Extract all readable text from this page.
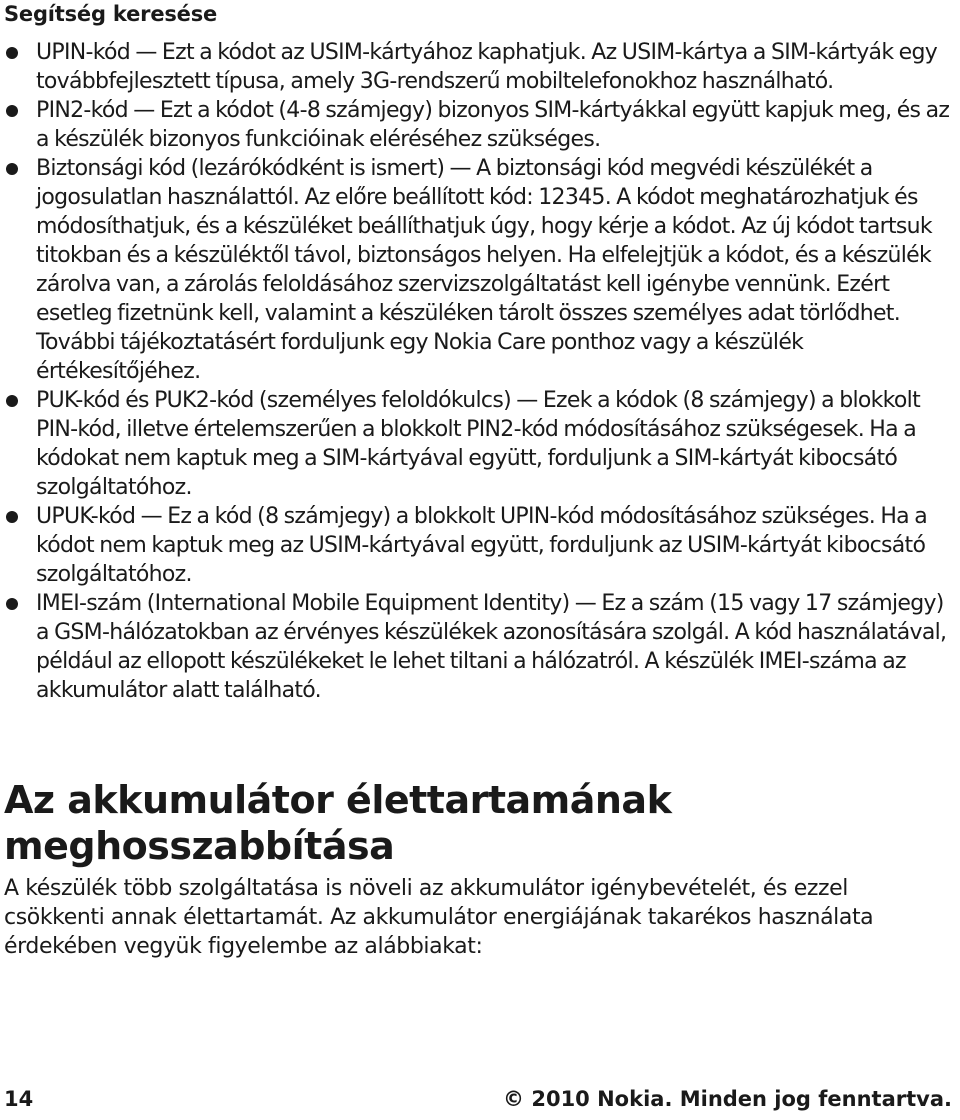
Segítség keresése
UPIN-kód — Ezt a kódot az USIM-kártyához kaphatjuk. Az USIM-kártya a SIM-kártyák egy továbbfejlesztett típusa, amely 3G-rendszerű mobiltelefonokhoz használható.
PIN2-kód — Ezt a kódot (4-8 számjegy) bizonyos SIM-kártyákkal együtt kapjuk meg, és az a készülék bizonyos funkcióinak eléréséhez szükséges.
Biztonsági kód (lezárókódként is ismert) — A biztonsági kód megvédi készülékét a jogosulatlan használattól. Az előre beállított kód: 12345. A kódot meghatározhatjuk és módosíthatjuk, és a készüléket beállíthatjuk úgy, hogy kérje a kódot. Az új kódot tartsuk titokban és a készüléktől távol, biztonságos helyen. Ha elfelejtjük a kódot, és a készülék zárolva van, a zárolás feloldásához szervizszolgáltatást kell igénybe vennünk. Ezért esetleg fizetnünk kell, valamint a készüléken tárolt összes személyes adat törlődhet. További tájékoztatásért forduljunk egy Nokia Care ponthoz vagy a készülék értékesítőjéhez.
PUK-kód és PUK2-kód (személyes feloldókulcs) — Ezek a kódok (8 számjegy) a blokkolt PIN-kód, illetve értelemszerűen a blokkolt PIN2-kód módosításához szükségesek. Ha a kódokat nem kaptuk meg a SIM-kártyával együtt, forduljunk a SIM-kártyát kibocsátó szolgáltatóhoz.
UPUK-kód — Ez a kód (8 számjegy) a blokkolt UPIN-kód módosításához szükséges. Ha a kódot nem kaptuk meg az USIM-kártyával együtt, forduljunk az USIM-kártyát kibocsátó szolgáltatóhoz.
IMEI-szám (International Mobile Equipment Identity) — Ez a szám (15 vagy 17 számjegy) a GSM-hálózatokban az érvényes készülékek azonosítására szolgál. A kód használatával, például az ellopott készülékeket le lehet tiltani a hálózatról. A készülék IMEI-száma az akkumulátor alatt található.
Az akkumulátor élettartamának meghosszabbítása

A készülék több szolgáltatása is növeli az akkumulátor igénybevételét, és ezzel csökkenti annak élettartamát. Az akkumulátor energiájának takarékos használata érdekében vegyük figyelembe az alábbiakat:

14	© 2010 Nokia. Minden jog fenntartva.
